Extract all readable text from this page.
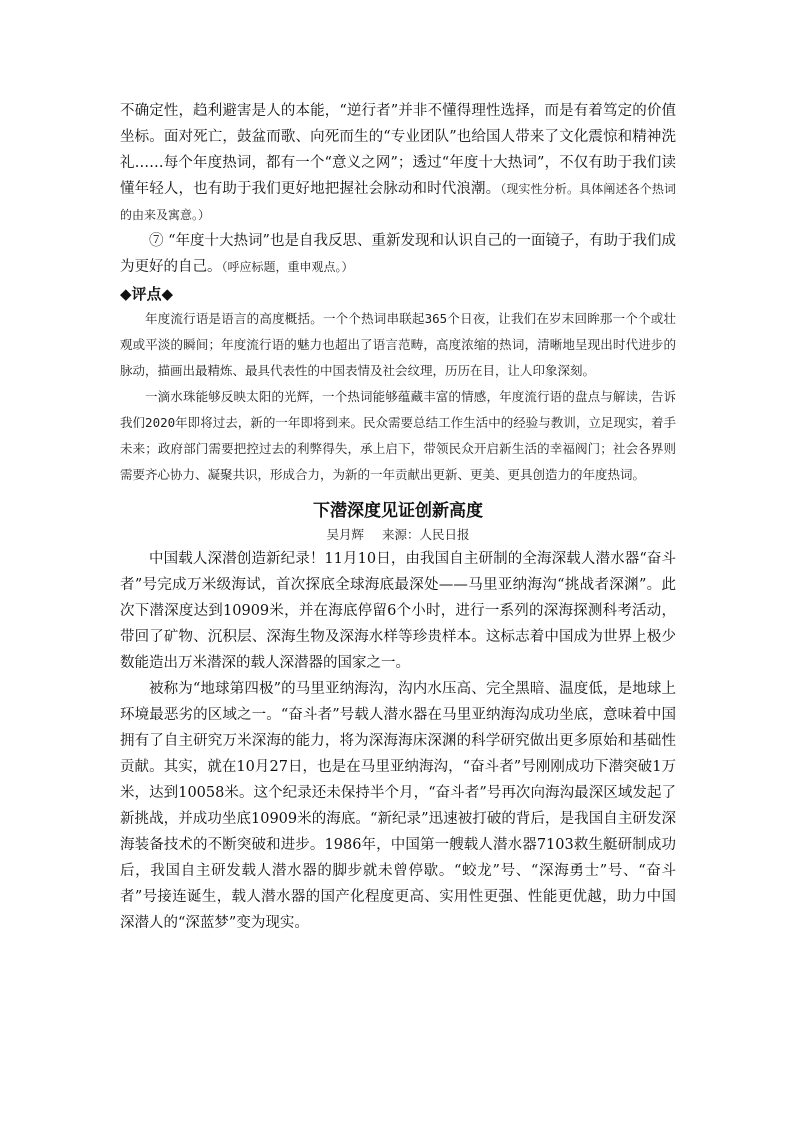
不确定性，趋利避害是人的本能，“逆行者”并非不懂得理性选择，而是有着笃定的价值坐标。面对死亡，鼓盆而歌、向死而生的“专业团队”也给国人带来了文化震惊和精神洗礼……每个年度热词，都有一个“意义之网”；透过“年度十大热词”，不仅有助于我们读懂年轻人，也有助于我们更好地把握社会脉动和时代浪潮。（现实性分析。具体阐述各个热词的由来及寓意。）

⑦ “年度十大热词”也是自我反思、重新发现和认识自己的一面镜子，有助于我们成为更好的自己。（呼应标题，重申观点。）

◆评点◆

年度流行语是语言的高度概括。一个个热词串联起365个日夜，让我们在岁末回眸那一个个或壮观或平淡的瞬间；年度流行语的魅力也超出了语言范畴，高度浓缩的热词，清晰地呈现出时代进步的脉动，描画出最精炼、最具代表性的中国表情及社会纹理，历历在目，让人印象深刻。

一滴水珠能够反映太阳的光辉，一个热词能够蕴藏丰富的情感，年度流行语的盘点与解读，告诉我们2020年即将过去，新的一年即将到来。民众需要总结工作生活中的经验与教训，立足现实，着手未来；政府部门需要把控过去的利弊得失，承上启下，带领民众开启新生活的幸福阀门；社会各界则需要齐心协力、凝聚共识，形成合力，为新的一年贡献出更新、更美、更具创造力的年度热词。

下潜深度见证创新高度
吴月辉 来源：人民日报

中国载人深潜创造新纪录！11月10日，由我国自主研制的全海深载人潜水器“奋斗者”号完成万米级海试，首次探底全球海底最深处——马里亚纳海沟“挑战者深渊”。此次下潜深度达到10909米，并在海底停留6个小时，进行一系列的深海探测科考活动，带回了矿物、沉积层、深海生物及深海水样等珍贵样本。这标志着中国成为世界上极少数能造出万米潜深的载人深潜器的国家之一。

被称为“地球第四极”的马里亚纳海沟，沟内水压高、完全黑暗、温度低，是地球上环境最恶劣的区域之一。“奋斗者”号载人潜水器在马里亚纳海沟成功坐底，意味着中国拥有了自主研究万米深海的能力，将为深海海床深渊的科学研究做出更多原始和基础性贡献。其实，就在10月27日，也是在马里亚纳海沟，“奋斗者”号刚刚成功下潜突破1万米，达到10058米。这个纪录还未保持半个月，“奋斗者”号再次向海沟最深区域发起了新挑战，并成功坐底10909米的海底。“新纪录”迅速被打破的背后，是我国自主研发深海装备技术的不断突破和进步。1986年，中国第一艘载人潜水器7103救生艇研制成功后，我国自主研发载人潜水器的脚步就未曾停歇。“蛟龙”号、“深海勇士”号、“奋斗者”号接连诞生，载人潜水器的国产化程度更高、实用性更强、性能更优越，助力中国深潜人的“深蓝梦”变为现实。
